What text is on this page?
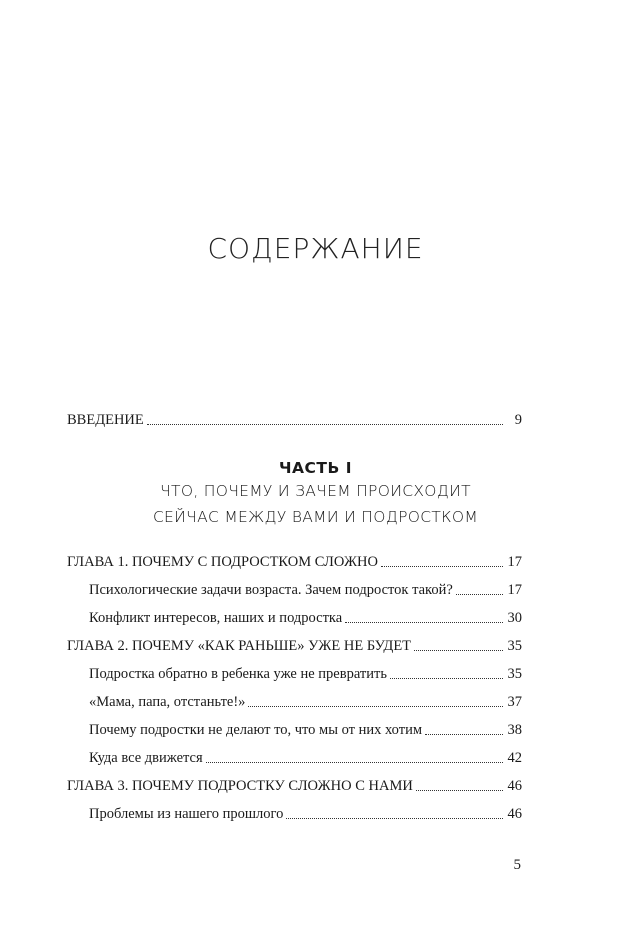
СОДЕРЖАНИЕ
ВВЕДЕНИЕ	9
ЧАСТЬ I
ЧТО, ПОЧЕМУ И ЗАЧЕМ ПРОИСХОДИТ
СЕЙЧАС МЕЖДУ ВАМИ И ПОДРОСТКОМ
ГЛАВА 1. ПОЧЕМУ С ПОДРОСТКОМ СЛОЖНО	17
Психологические задачи возраста. Зачем подросток такой?	17
Конфликт интересов, наших и подростка	30
ГЛАВА 2. ПОЧЕМУ «КАК РАНЬШЕ» УЖЕ НЕ БУДЕТ	35
Подростка обратно в ребенка уже не превратить	35
«Мама, папа, отстаньте!»	37
Почему подростки не делают то, что мы от них хотим	38
Куда все движется	42
ГЛАВА 3. ПОЧЕМУ ПОДРОСТКУ СЛОЖНО С НАМИ	46
Проблемы из нашего прошлого	46
5
